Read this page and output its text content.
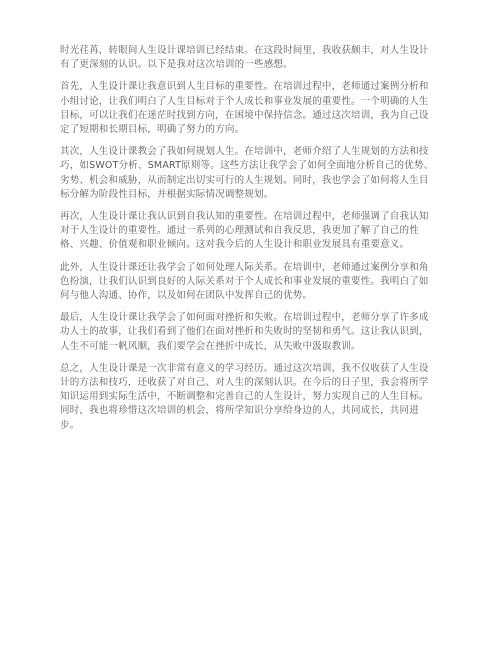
时光荏苒，转眼间人生设计课培训已经结束。在这段时间里，我收获颇丰，对人生设计有了更深刻的认识。以下是我对这次培训的一些感想。

首先，人生设计课让我意识到人生目标的重要性。在培训过程中，老师通过案例分析和小组讨论，让我们明白了人生目标对于个人成长和事业发展的重要性。一个明确的人生目标，可以让我们在迷茫时找到方向，在困境中保持信念。通过这次培训，我为自己设定了短期和长期目标，明确了努力的方向。

其次，人生设计课教会了我如何规划人生。在培训中，老师介绍了人生规划的方法和技巧，如SWOT分析、SMART原则等。这些方法让我学会了如何全面地分析自己的优势、劣势、机会和威胁，从而制定出切实可行的人生规划。同时，我也学会了如何将人生目标分解为阶段性目标，并根据实际情况调整规划。

再次，人生设计课让我认识到自我认知的重要性。在培训过程中，老师强调了自我认知对于人生设计的重要性。通过一系列的心理测试和自我反思，我更加了解了自己的性格、兴趣、价值观和职业倾向。这对我今后的人生设计和职业发展具有重要意义。

此外，人生设计课还让我学会了如何处理人际关系。在培训中，老师通过案例分享和角色扮演，让我们认识到良好的人际关系对于个人成长和事业发展的重要性。我明白了如何与他人沟通、协作，以及如何在团队中发挥自己的优势。

最后，人生设计课让我学会了如何面对挫折和失败。在培训过程中，老师分享了许多成功人士的故事，让我们看到了他们在面对挫折和失败时的坚韧和勇气。这让我认识到，人生不可能一帆风顺，我们要学会在挫折中成长，从失败中汲取教训。

总之，人生设计课是一次非常有意义的学习经历。通过这次培训，我不仅收获了人生设计的方法和技巧，还收获了对自己、对人生的深刻认识。在今后的日子里，我会将所学知识运用到实际生活中，不断调整和完善自己的人生设计，努力实现自己的人生目标。同时，我也将珍惜这次培训的机会，将所学知识分享给身边的人，共同成长，共同进步。
